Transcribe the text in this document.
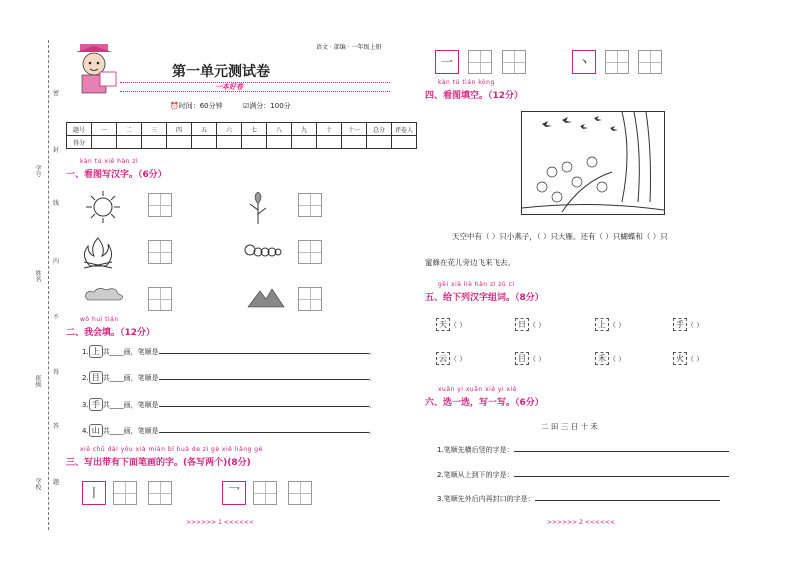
密
封
线
内
不
得
答
题
学号
姓名
班级
学校
语文 · 部编 · 一年级上册
第一单元测试卷
一本好卷
⏰时间：60分钟	☑满分：100分
题号	一	二	三	四	五	六	七	八	九	十	十一	总分	评卷人
得分													
kàn tú xiě hàn zì
一、看图写汉字。（6分）
wǒ huì tián
二、我会填。（12分）
1. 上 共____画，笔顺是	。
2. 目 共____画，笔顺是	。
3. 手 共____画，笔顺是	。
4. 山 共____画，笔顺是	。
xiě chū dài yǒu xià miàn bǐ huà de zì gè xiě liǎng gè
三、写出带有下面笔画的字。(各写两个)(8分)
丨	乛
>>>>>> 1 <<<<<<
一	丶
kàn tú tián kòng
四、看图填空。（12分）
天空中有（ ）只小燕子，（ ）只大雁。还有（ ）只蝴蝶和（ ）只
蜜蜂在花儿旁边飞来飞去。
gěi xià liè hàn zì zǔ cí
五、给下列汉字组词。（8分）
天 （ ）	日 （ ）	上 （ ）	手 （ ）
云 （ ）	目 （ ）	禾 （ ）	火 （ ）
xuǎn yi xuǎn xiě yi xiě
六、选一选，写一写。（6分）
二 田 三 日 十 禾
1.笔顺先横后竖的字是：
2.笔顺从上到下的字是：
3.笔顺先外后内再封口的字是：
>>>>>> 2 <<<<<<
